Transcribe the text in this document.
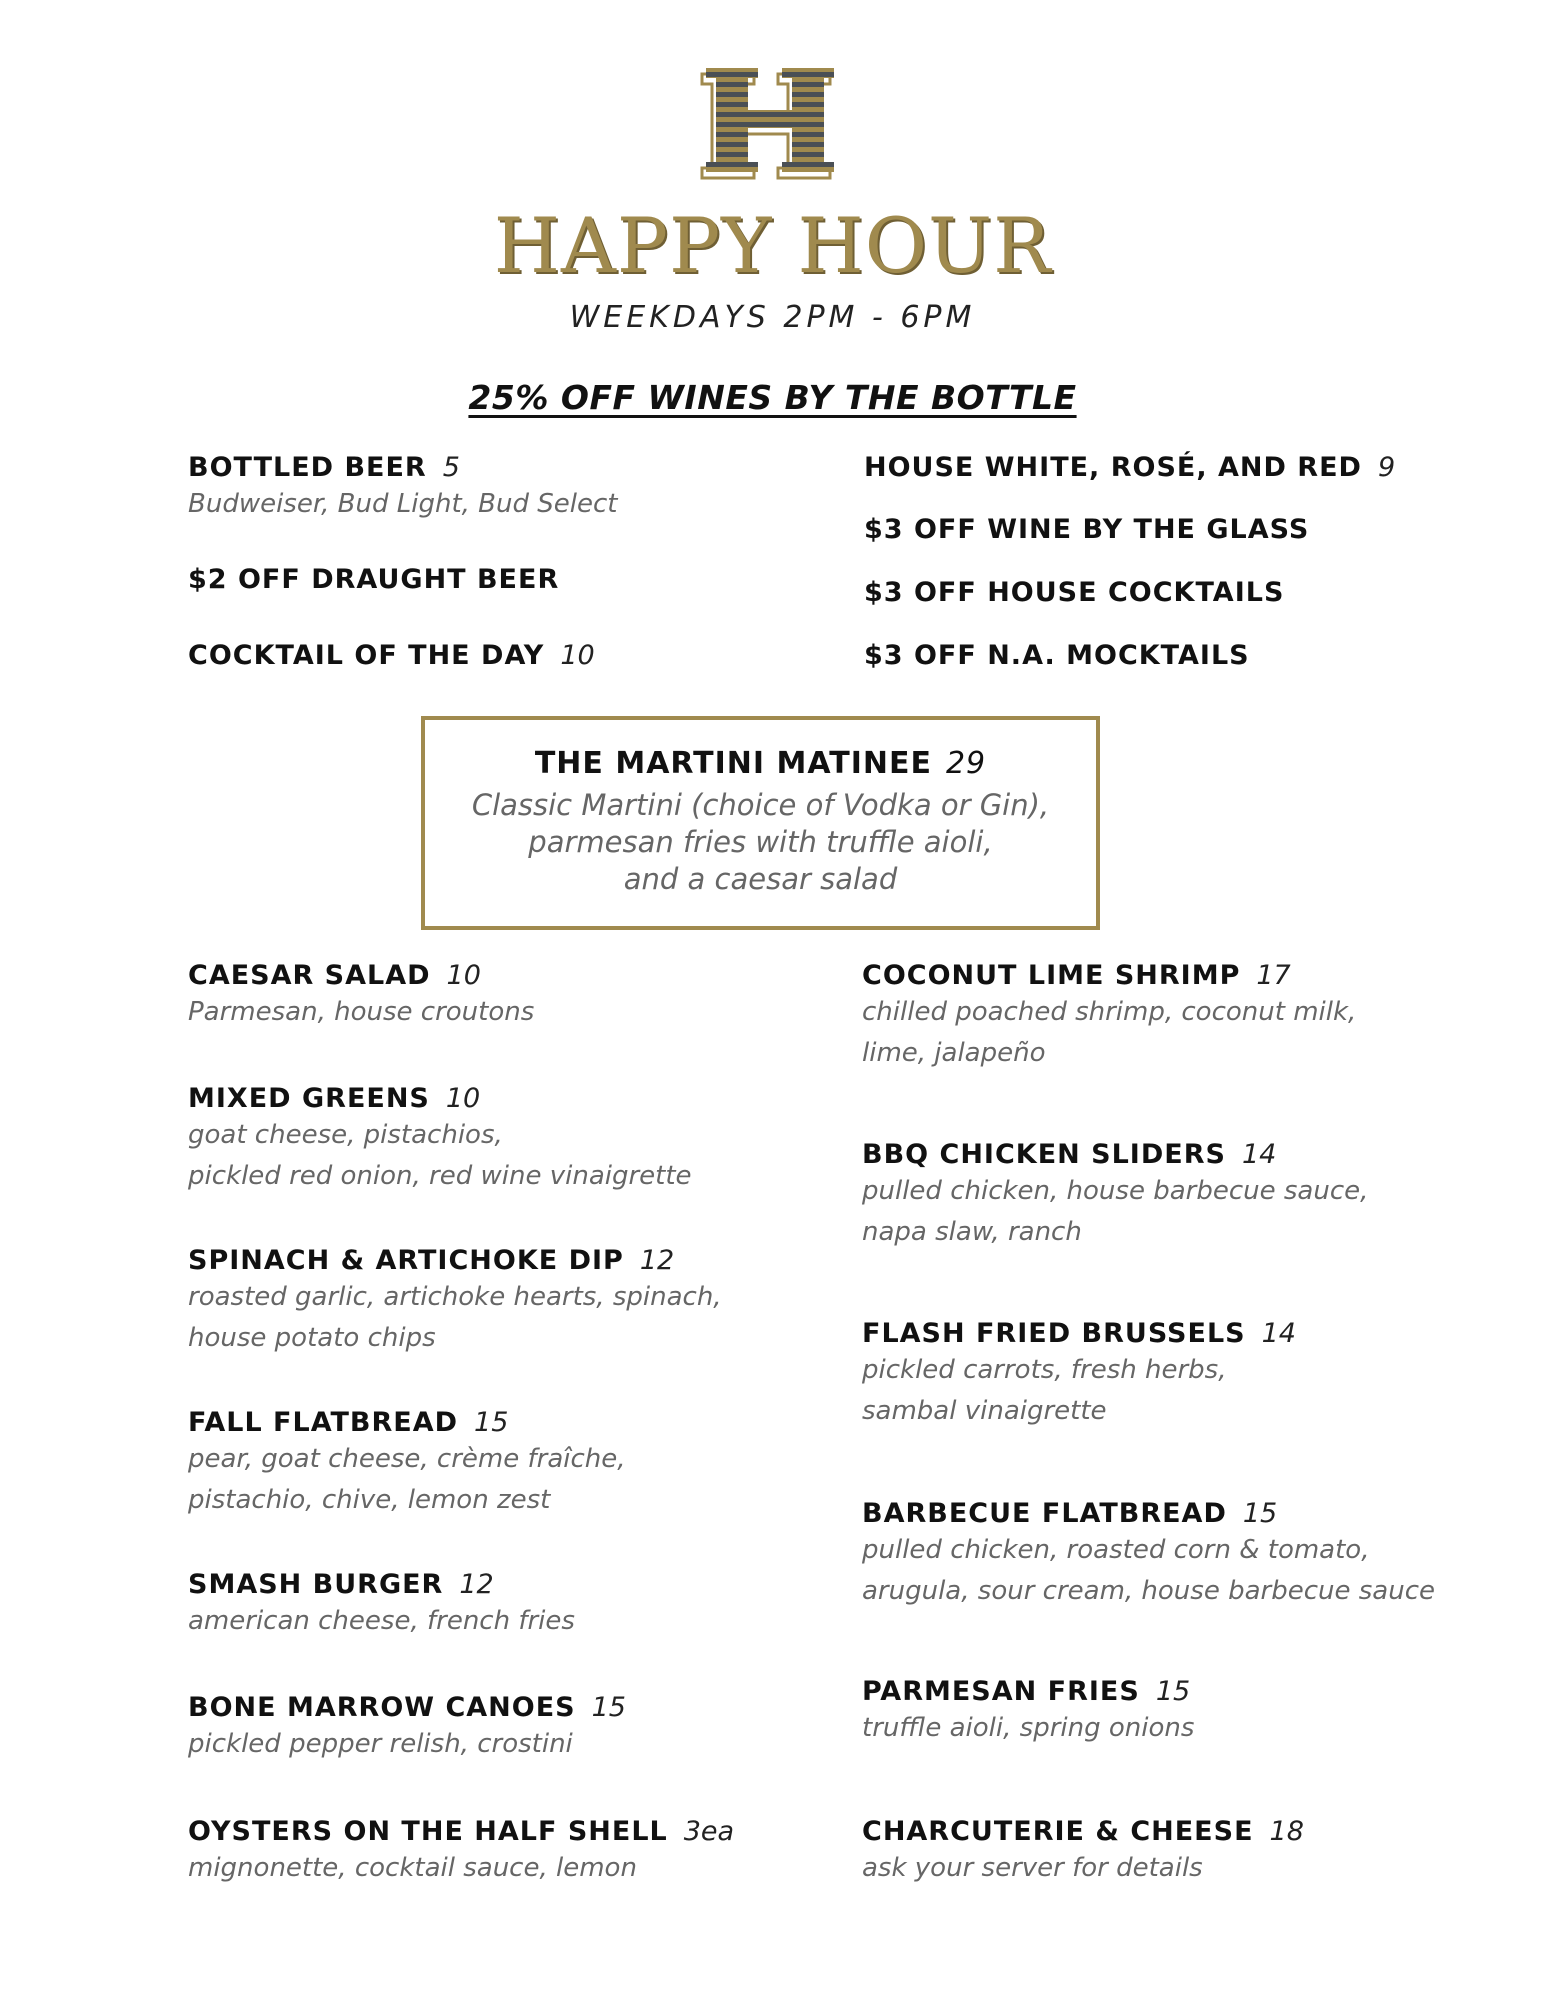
HAPPY HOUR
WEEKDAYS 2PM - 6PM
25% OFF WINES BY THE BOTTLE
BOTTLED BEER 5
Budweiser, Bud Light, Bud Select
$2 OFF DRAUGHT BEER
COCKTAIL OF THE DAY 10
HOUSE WHITE, ROSÉ, AND RED 9
$3 OFF WINE BY THE GLASS
$3 OFF HOUSE COCKTAILS
$3 OFF N.A. MOCKTAILS
THE MARTINI MATINEE 29
Classic Martini (choice of Vodka or Gin),
parmesan fries with truffle aioli,
and a caesar salad
CAESAR SALAD 10
Parmesan, house croutons
MIXED GREENS 10
goat cheese, pistachios,
pickled red onion, red wine vinaigrette
SPINACH & ARTICHOKE DIP 12
roasted garlic, artichoke hearts, spinach,
house potato chips
FALL FLATBREAD 15
pear, goat cheese, crème fraîche,
pistachio, chive, lemon zest
SMASH BURGER 12
american cheese, french fries
BONE MARROW CANOES 15
pickled pepper relish, crostini
OYSTERS ON THE HALF SHELL 3ea
mignonette, cocktail sauce, lemon
COCONUT LIME SHRIMP 17
chilled poached shrimp, coconut milk,
lime, jalapeño
BBQ CHICKEN SLIDERS 14
pulled chicken, house barbecue sauce,
napa slaw, ranch
FLASH FRIED BRUSSELS 14
pickled carrots, fresh herbs,
sambal vinaigrette
BARBECUE FLATBREAD 15
pulled chicken, roasted corn & tomato,
arugula, sour cream, house barbecue sauce
PARMESAN FRIES 15
truffle aioli, spring onions
CHARCUTERIE & CHEESE 18
ask your server for details
